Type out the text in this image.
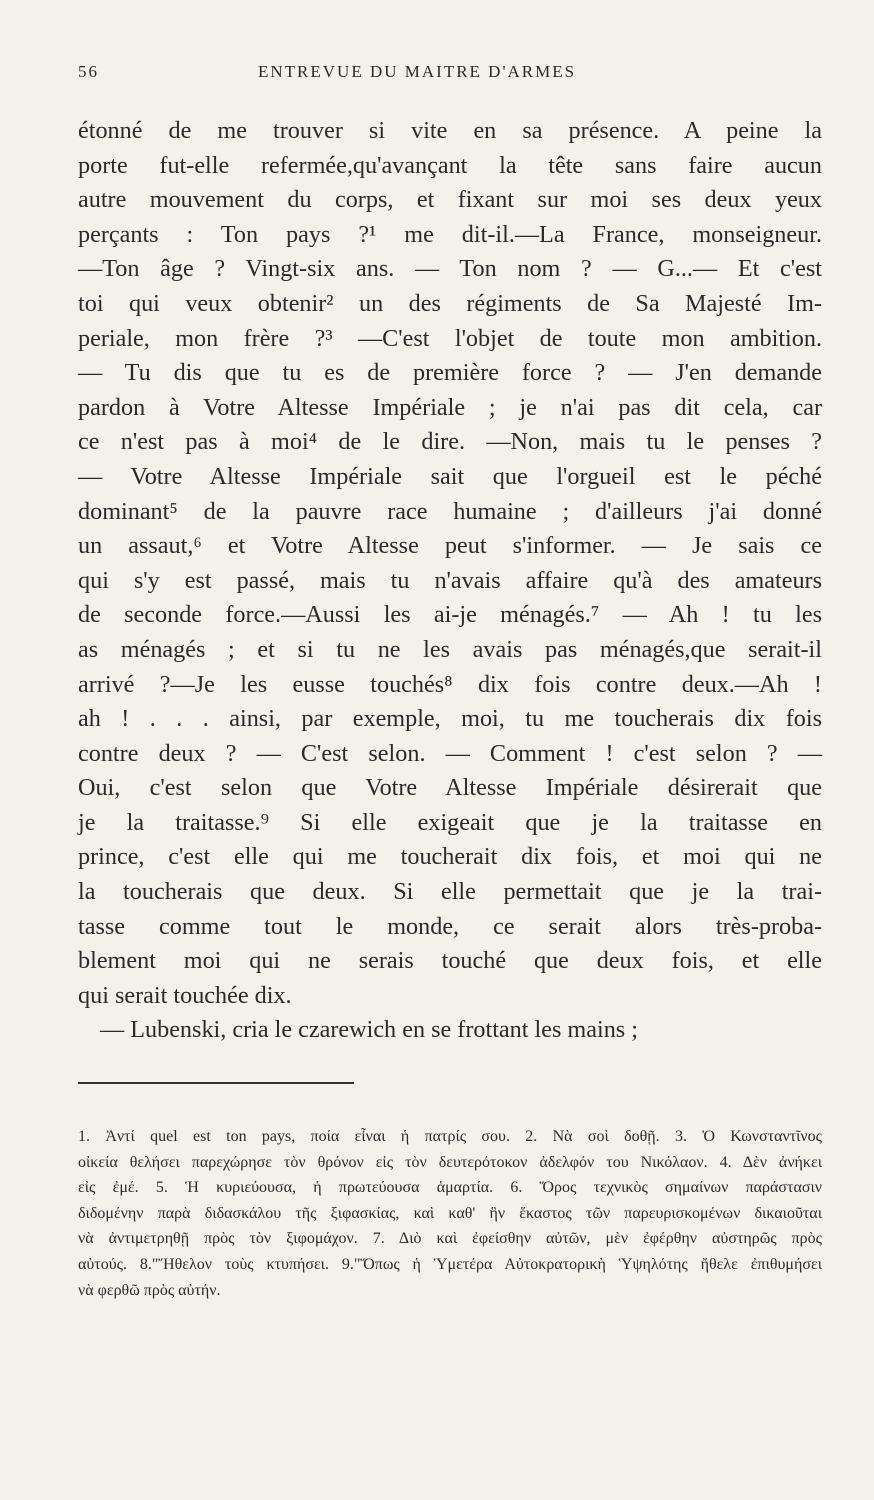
56	ENTREVUE DU MAITRE D'ARMES
étonné de me trouver si vite en sa présence. A peine la
porte fut-elle refermée,qu'avançant la tête sans faire aucun
autre mouvement du corps, et fixant sur moi ses deux yeux
perçants : Ton pays ?¹ me dit-il.—La France, monseigneur.
—Ton âge ? Vingt-six ans. — Ton nom ? — G...— Et c'est
toi qui veux obtenir² un des régiments de Sa Majesté Im-
periale, mon frère ?³ —C'est l'objet de toute mon ambition.
— Tu dis que tu es de première force ? — J'en demande
pardon à Votre Altesse Impériale ; je n'ai pas dit cela, car
ce n'est pas à moi⁴ de le dire. —Non, mais tu le penses ?
— Votre Altesse Impériale sait que l'orgueil est le péché
dominant⁵ de la pauvre race humaine ; d'ailleurs j'ai donné
un assaut,⁶ et Votre Altesse peut s'informer. — Je sais ce
qui s'y est passé, mais tu n'avais affaire qu'à des amateurs
de seconde force.—Aussi les ai-je ménagés.⁷ — Ah ! tu les
as ménagés ; et si tu ne les avais pas ménagés,que serait-il
arrivé ?—Je les eusse touchés⁸ dix fois contre deux.—Ah !
ah ! . . . ainsi, par exemple, moi, tu me toucherais dix fois
contre deux ? — C'est selon. — Comment ! c'est selon ? —
Oui, c'est selon que Votre Altesse Impériale désirerait que
je la traitasse.⁹ Si elle exigeait que je la traitasse en
prince, c'est elle qui me toucherait dix fois, et moi qui ne
la toucherais que deux. Si elle permettait que je la trai-
tasse comme tout le monde, ce serait alors très-proba-
blement moi qui ne serais touché que deux fois, et elle
qui serait touchée dix.
— Lubenski, cria le czarewich en se frottant les mains ;
1. Ἀντί quel est ton pays, ποία εἶναι ἡ πατρίς σου. 2. Νὰ σοὶ δοθῇ. 3. Ὁ Κωνσταντῖνος
οἰκεία θελήσει παρεχώρησε τὸν θρόνον εἰς τὸν δευτερότοκον ἀδελφόν του Νικόλαον. 4. Δὲν ἀνήκει
εἰς ἐμέ. 5. Ἡ κυριεύουσα, ἡ πρωτεύουσα ἁμαρτία. 6. Ὅρος τεχνικὸς σημαίνων παράστασιν
διδομένην παρὰ διδασκάλου τῆς ξιφασκίας, καὶ καθ' ἣν ἕκαστος τῶν παρευρισκομένων δικαιοῦται
νὰ ἀντιμετρηθῇ πρὸς τὸν ξιφομάχον. 7. Διὸ καὶ ἐφείσθην αὐτῶν, μὲν ἐφέρθην αὐστηρῶς πρὸς
αὐτούς. 8."Ἤθελον τοὺς κτυπήσει. 9."Ὅπως ἡ Ὑμετέρα Αὐτοκρατορικὴ Ὑψηλότης ἤθελε ἐπιθυμήσει
νὰ φερθῶ πρὸς αὐτήν.
